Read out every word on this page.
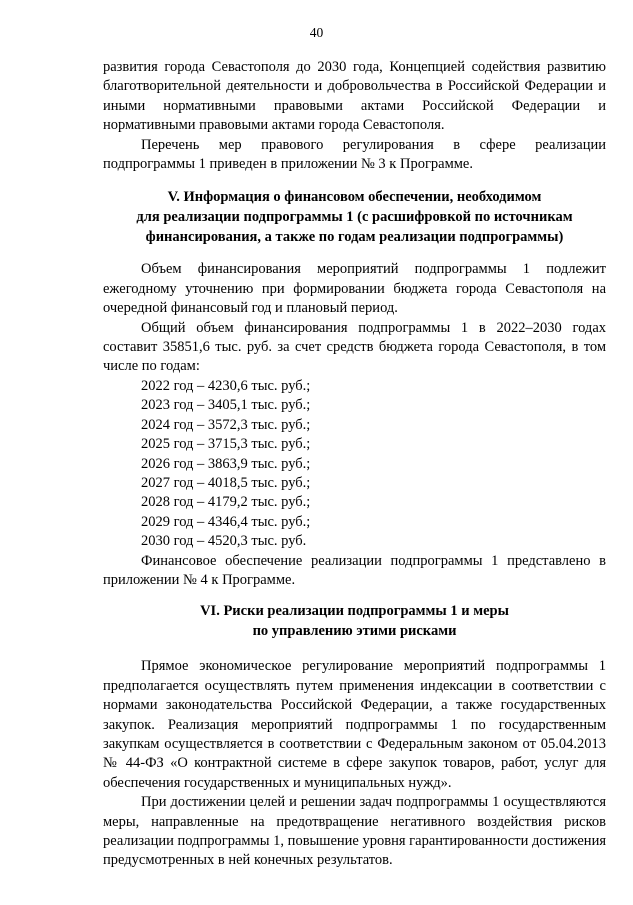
40

развития города Севастополя до 2030 года, Концепцией содействия развитию благотворительной деятельности и добровольчества в Российской Федерации и иными нормативными правовыми актами Российской Федерации и нормативными правовыми актами города Севастополя.

Перечень мер правового регулирования в сфере реализации подпрограммы 1 приведен в приложении № 3 к Программе.

V. Информация о финансовом обеспечении, необходимом
для реализации подпрограммы 1 (с расшифровкой по источникам
финансирования, а также по годам реализации подпрограммы)

Объем финансирования мероприятий подпрограммы 1 подлежит ежегодному уточнению при формировании бюджета города Севастополя на очередной финансовый год и плановый период.

Общий объем финансирования подпрограммы 1 в 2022–2030 годах составит 35851,6 тыс. руб. за счет средств бюджета города Севастополя, в том числе по годам:

2022 год – 4230,6 тыс. руб.;
2023 год – 3405,1 тыс. руб.;
2024 год – 3572,3 тыс. руб.;
2025 год – 3715,3 тыс. руб.;
2026 год – 3863,9 тыс. руб.;
2027 год – 4018,5 тыс. руб.;
2028 год – 4179,2 тыс. руб.;
2029 год – 4346,4 тыс. руб.;
2030 год – 4520,3 тыс. руб.

Финансовое обеспечение реализации подпрограммы 1 представлено в приложении № 4 к Программе.

VI. Риски реализации подпрограммы 1 и меры
по управлению этими рисками

Прямое экономическое регулирование мероприятий подпрограммы 1 предполагается осуществлять путем применения индексации в соответствии с нормами законодательства Российской Федерации, а также государственных закупок. Реализация мероприятий подпрограммы 1 по государственным закупкам осуществляется в соответствии с Федеральным законом от 05.04.2013 № 44-ФЗ «О контрактной системе в сфере закупок товаров, работ, услуг для обеспечения государственных и муниципальных нужд».

При достижении целей и решении задач подпрограммы 1 осуществляются меры, направленные на предотвращение негативного воздействия рисков реализации подпрограммы 1, повышение уровня гарантированности достижения предусмотренных в ней конечных результатов.
